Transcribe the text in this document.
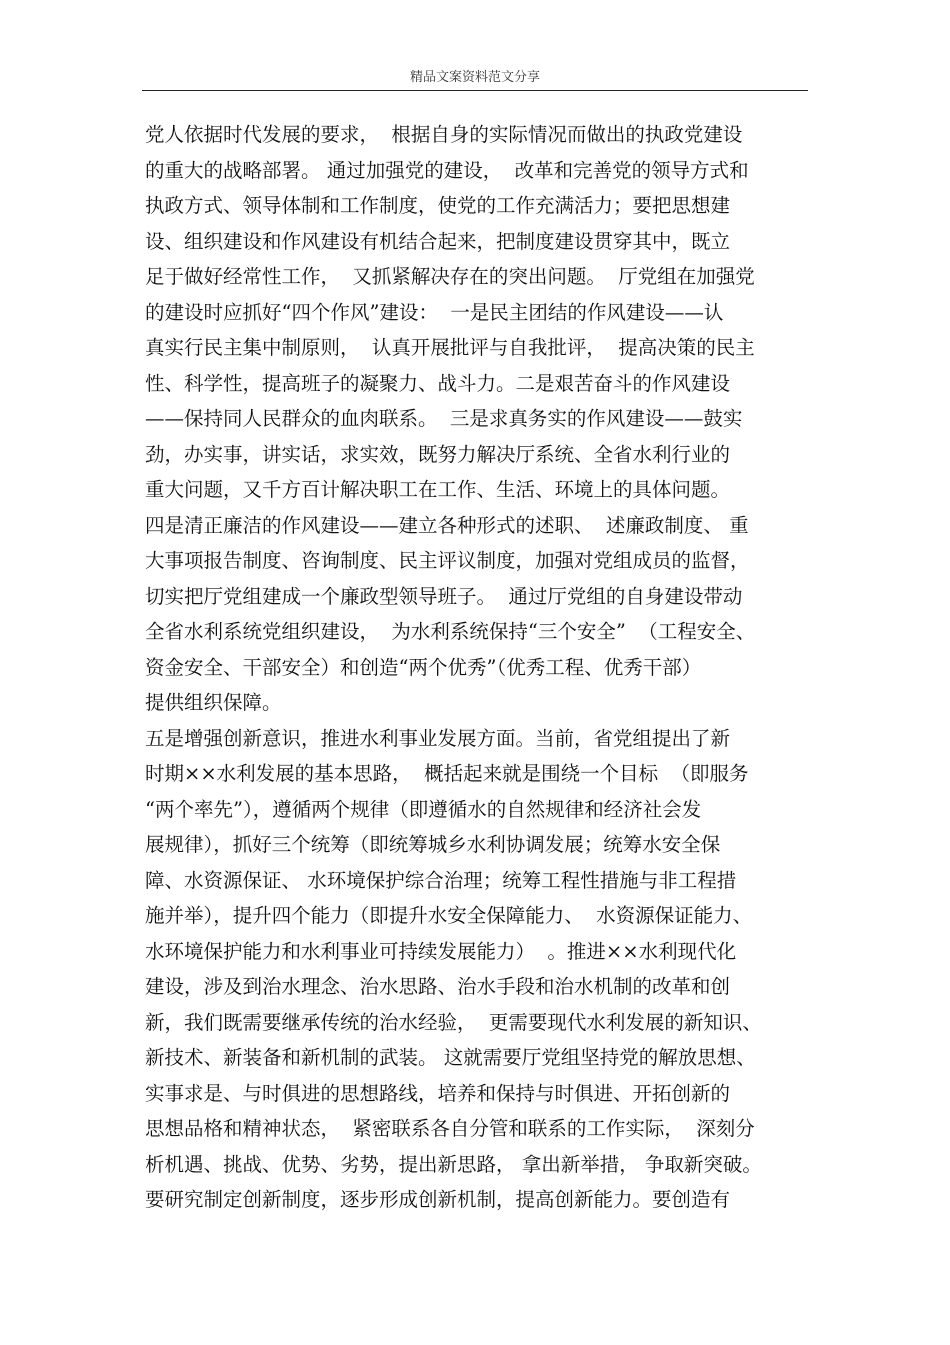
精品文案资料范文分享
党人依据时代发展的要求，  根据自身的实际情况而做出的执政党建设
的重大的战略部署。 通过加强党的建设，  改革和完善党的领导方式和
执政方式、领导体制和工作制度，使党的工作充满活力；要把思想建
设、组织建设和作风建设有机结合起来，把制度建设贯穿其中，既立
足于做好经常性工作，  又抓紧解决存在的突出问题。  厅党组在加强党
的建设时应抓好“四个作风”建设：  一是民主团结的作风建设——认
真实行民主集中制原则，  认真开展批评与自我批评，  提高决策的民主
性、科学性，提高班子的凝聚力、战斗力。二是艰苦奋斗的作风建设
——保持同人民群众的血肉联系。  三是求真务实的作风建设——鼓实
劲，办实事，讲实话，求实效，既努力解决厅系统、全省水利行业的
重大问题，又千方百计解决职工在工作、生活、环境上的具体问题。
四是清正廉洁的作风建设——建立各种形式的述职、  述廉政制度、 重
大事项报告制度、咨询制度、民主评议制度，加强对党组成员的监督，
切实把厅党组建成一个廉政型领导班子。  通过厅党组的自身建设带动
全省水利系统党组织建设，  为水利系统保持“三个安全”  （工程安全、
资金安全、干部安全）和创造“两个优秀”（优秀工程、优秀干部）
提供组织保障。
五是增强创新意识，推进水利事业发展方面。当前，省党组提出了新
时期××水利发展的基本思路，  概括起来就是围绕一个目标  （即服务
“两个率先”），遵循两个规律（即遵循水的自然规律和经济社会发
展规律），抓好三个统筹（即统筹城乡水利协调发展；统筹水安全保
障、水资源保证、 水环境保护综合治理；统筹工程性措施与非工程措
施并举），提升四个能力（即提升水安全保障能力、  水资源保证能力、
水环境保护能力和水利事业可持续发展能力）  。推进××水利现代化
建设，涉及到治水理念、治水思路、治水手段和治水机制的改革和创
新，我们既需要继承传统的治水经验，  更需要现代水利发展的新知识、
新技术、新装备和新机制的武装。 这就需要厅党组坚持党的解放思想、
实事求是、与时俱进的思想路线，培养和保持与时俱进、开拓创新的
思想品格和精神状态，  紧密联系各自分管和联系的工作实际，  深刻分
析机遇、挑战、优势、劣势，提出新思路， 拿出新举措， 争取新突破。
要研究制定创新制度，逐步形成创新机制，提高创新能力。要创造有
